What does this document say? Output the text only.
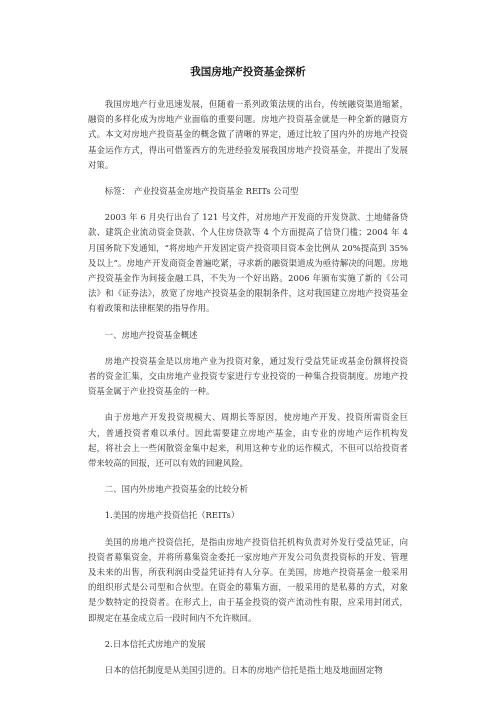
我国房地产投资基金探析

我国房地产行业迅速发展，但随着一系列政策法规的出台，传统融资渠道缩紧，融资的多样化成为房地产业面临的重要问题。房地产投资基金就是一种全新的融资方式。本文对房地产投资基金的概念做了清晰的界定，通过比较了国内外的房地产投资基金运作方式，得出可借鉴西方的先进经验发展我国房地产投资基金，并提出了发展对策。

标签：　产业投资基金房地产投资基金 REITs 公司型

2003 年 6 月央行出台了 121 号文件，对房地产开发商的开发贷款、土地储备贷款、建筑企业流动资金贷款、个人住房贷款等 4 个方面提高了信贷门槛；2004 年 4 月国务院下发通知，“将房地产开发固定资产投资项目资本金比例从 20%提高到 35%及以上”。房地产开发商资金普遍吃紧，寻求新的融资渠道成为亟待解决的问题。房地产投资基金作为间接金融工具，不失为一个好出路。2006 年颁布实施了新的《公司法》和《证券法》，放宽了房地产投资基金的限制条件，这对我国建立房地产投资基金有着政策和法律框架的指导作用。

一、房地产投资基金概述

房地产投资基金是以房地产业为投资对象，通过发行受益凭证或基金份额将投资者的资金汇集，交由房地产业投资专家进行专业投资的一种集合投资制度。房地产投资基金属于产业投资基金的一种。

由于房地产开发投资规模大、周期长等原因，使房地产开发、投资所需资金巨大，普通投资者难以承付。因此需要建立房地产基金，由专业的房地产运作机构发起，将社会上一些闲散资金集中起来，利用这种专业的运作模式，不但可以给投资者带来较高的回报，还可以有效的回避风险。

二、国内外房地产投资基金的比较分析

1.美国的房地产投资信托（REITs）

美国的房地产投资信托，是指由房地产投资信托机构负责对外发行受益凭证，向投资者募集资金，并将所募集资金委托一家房地产开发公司负责投资标的开发、管理及未来的出售，所获利润由受益凭证持有人分享。在美国，房地产投资基金一般采用的组织形式是公司型和合伙型。在资金的募集方面，一般采用的是私募的方式，对象是少数特定的投资者。在形式上，由于基金投资的资产流动性有限，应采用封闭式，即规定在基金成立后一段时间内不允许赎回。

2.日本信托式房地产的发展

日本的信托制度是从美国引进的。日本的房地产信托是指土地及地面固定物
